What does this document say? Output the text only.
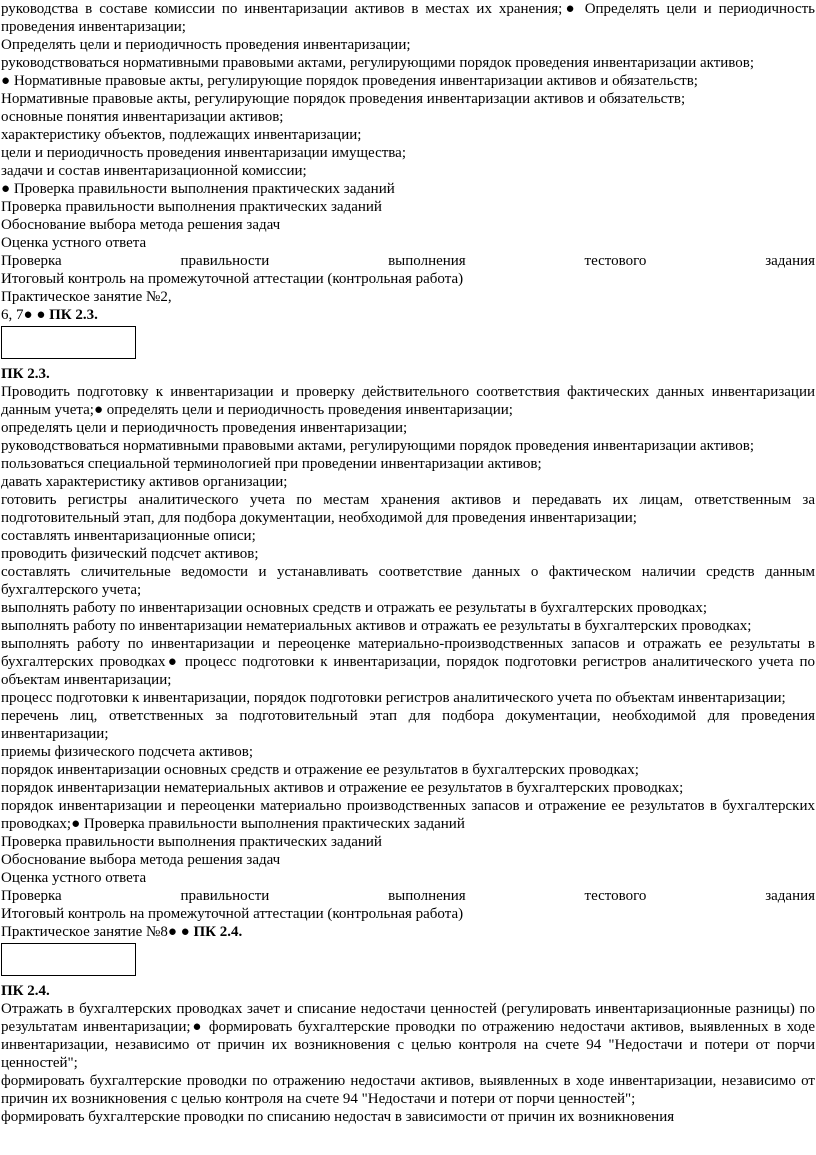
руководства в составе комиссии по инвентаризации активов в местах их хранения;● Определять цели и периодичность проведения инвентаризации;
Определять цели и периодичность проведения инвентаризации;
руководствоваться нормативными правовыми актами, регулирующими порядок проведения инвентаризации активов;
● Нормативные правовые акты, регулирующие порядок проведения инвентаризации активов и обязательств;
Нормативные правовые акты, регулирующие порядок проведения инвентаризации активов и обязательств;
основные понятия инвентаризации активов;
характеристику объектов, подлежащих инвентаризации;
цели и периодичность проведения инвентаризации имущества;
задачи и состав инвентаризационной комиссии;
● Проверка правильности выполнения практических заданий
Проверка правильности выполнения практических заданий
Обоснование выбора метода решения задач
Оценка устного ответа
Проверка	правильности	выполнения	тестового	задания
Итоговый контроль на промежуточной аттестации (контрольная работа)
Практическое занятие №2,
6, 7● ● ПК 2.3.
ПК 2.3.
Проводить подготовку к инвентаризации и проверку действительного соответствия фактических данных инвентаризации данным учета;● определять цели и периодичность проведения инвентаризации;
определять цели и периодичность проведения инвентаризации;
руководствоваться нормативными правовыми актами, регулирующими порядок проведения инвентаризации активов;
пользоваться специальной терминологией при проведении инвентаризации активов;
давать характеристику активов организации;
готовить регистры аналитического учета по местам хранения активов и передавать их лицам, ответственным за подготовительный этап, для подбора документации, необходимой для проведения инвентаризации;
составлять инвентаризационные описи;
проводить физический подсчет активов;
составлять сличительные ведомости и устанавливать соответствие данных о фактическом наличии средств данным бухгалтерского учета;
выполнять работу по инвентаризации основных средств и отражать ее результаты в бухгалтерских проводках;
выполнять работу по инвентаризации нематериальных активов и отражать ее результаты в бухгалтерских проводках;
выполнять работу по инвентаризации и переоценке материально-производственных запасов и отражать ее результаты в бухгалтерских проводках● процесс подготовки к инвентаризации, порядок подготовки регистров аналитического учета по объектам инвентаризации;
процесс подготовки к инвентаризации, порядок подготовки регистров аналитического учета по объектам инвентаризации;
перечень лиц, ответственных за подготовительный этап для подбора документации, необходимой для проведения инвентаризации;
приемы физического подсчета активов;
порядок инвентаризации основных средств и отражение ее результатов в бухгалтерских проводках;
порядок инвентаризации нематериальных активов и отражение ее результатов в бухгалтерских проводках;
порядок инвентаризации и переоценки материально производственных запасов и отражение ее результатов в бухгалтерских проводках;● Проверка правильности выполнения практических заданий
Проверка правильности выполнения практических заданий
Обоснование выбора метода решения задач
Оценка устного ответа
Проверка	правильности	выполнения	тестового	задания
Итоговый контроль на промежуточной аттестации (контрольная работа)
Практическое занятие №8● ● ПК 2.4.
ПК 2.4.
Отражать в бухгалтерских проводках зачет и списание недостачи ценностей (регулировать инвентаризационные разницы) по результатам инвентаризации;● формировать бухгалтерские проводки по отражению недостачи активов, выявленных в ходе инвентаризации, независимо от причин их возникновения с целью контроля на счете 94 "Недостачи и потери от порчи ценностей";
формировать бухгалтерские проводки по отражению недостачи активов, выявленных в ходе инвентаризации, независимо от причин их возникновения с целью контроля на счете 94 "Недостачи и потери от порчи ценностей";
формировать бухгалтерские проводки по списанию недостач в зависимости от причин их возникновения
